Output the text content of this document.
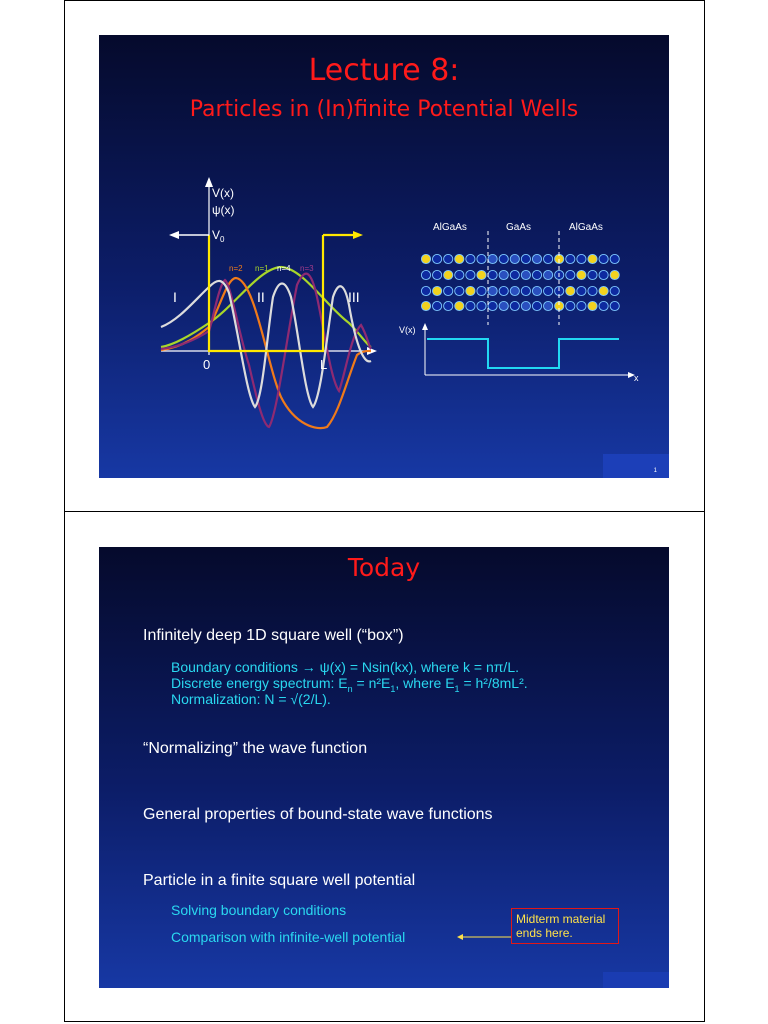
Lecture 8:
Particles in (In)finite Potential Wells
V(x)
ψ(x)
$V_0$
n=2 n=1 n=4 n=3
I	II	III
0	L
AlGaAs	GaAs	AlGaAs
V(x)
x
1
Today
Infinitely deep 1D square well (“box”)
Boundary conditions → ψ(x) = Nsin(kx), where k = nπ/L.
Discrete energy spectrum: $E_n = n^2E_1$, where $E_1 = h^2/8mL^2$.
Normalization: N = √(2/L).
“Normalizing” the wave function
General properties of bound-state wave functions
Particle in a finite square well potential
Solving boundary conditions
Comparison with infinite-well potential
Midterm material ends here.
